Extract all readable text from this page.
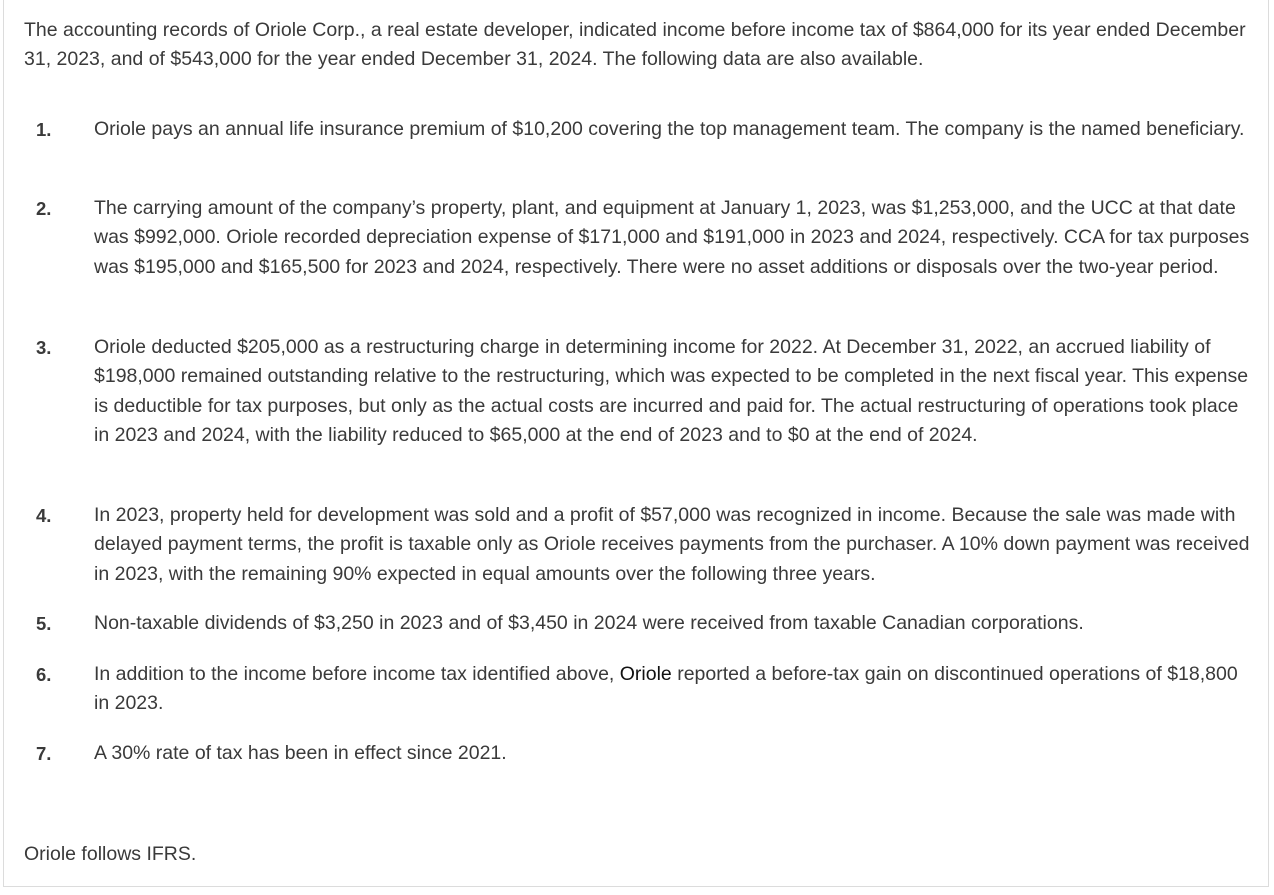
The accounting records of Oriole Corp., a real estate developer, indicated income before income tax of $864,000 for its year ended December 31, 2023, and of $543,000 for the year ended December 31, 2024. The following data are also available.

1. Oriole pays an annual life insurance premium of $10,200 covering the top management team. The company is the named beneficiary.

2. The carrying amount of the company’s property, plant, and equipment at January 1, 2023, was $1,253,000, and the UCC at that date was $992,000. Oriole recorded depreciation expense of $171,000 and $191,000 in 2023 and 2024, respectively. CCA for tax purposes was $195,000 and $165,500 for 2023 and 2024, respectively. There were no asset additions or disposals over the two-year period.

3. Oriole deducted $205,000 as a restructuring charge in determining income for 2022. At December 31, 2022, an accrued liability of $198,000 remained outstanding relative to the restructuring, which was expected to be completed in the next fiscal year. This expense is deductible for tax purposes, but only as the actual costs are incurred and paid for. The actual restructuring of operations took place in 2023 and 2024, with the liability reduced to $65,000 at the end of 2023 and to $0 at the end of 2024.

4. In 2023, property held for development was sold and a profit of $57,000 was recognized in income. Because the sale was made with delayed payment terms, the profit is taxable only as Oriole receives payments from the purchaser. A 10% down payment was received in 2023, with the remaining 90% expected in equal amounts over the following three years.

5. Non-taxable dividends of $3,250 in 2023 and of $3,450 in 2024 were received from taxable Canadian corporations.

6. In addition to the income before income tax identified above, Oriole reported a before-tax gain on discontinued operations of $18,800 in 2023.

7. A 30% rate of tax has been in effect since 2021.

Oriole follows IFRS.
